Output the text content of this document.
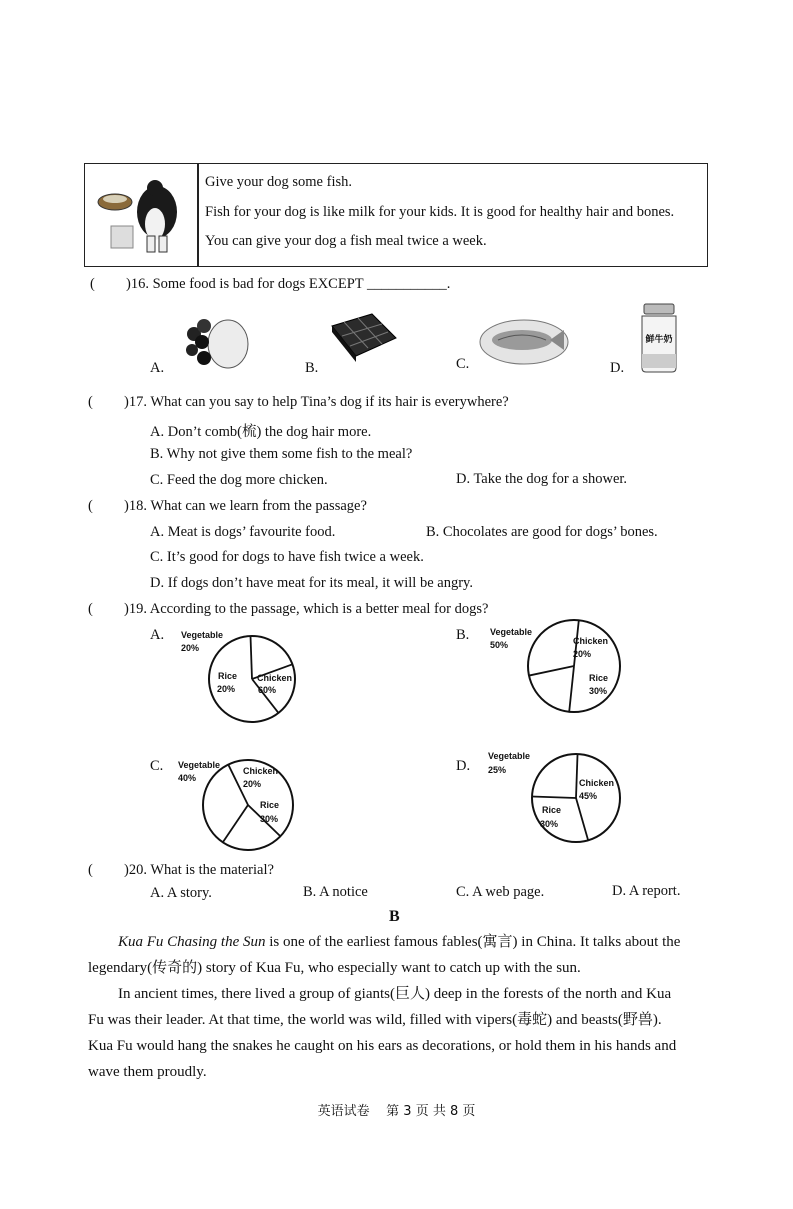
Give your dog some fish.
Fish for your dog is like milk for your kids. It is good for healthy hair and bones.
You can give your dog a fish meal twice a week.
( )16. Some food is bad for dogs EXCEPT ___________.
A.	B.	C.	D.
鲜牛奶
( )17. What can you say to help Tina’s dog if its hair is everywhere?
A. Don’t comb(梳) the dog hair more.
B. Why not give them some fish to the meal?
C. Feed the dog more chicken.	D. Take the dog for a shower.
( )18. What can we learn from the passage?
A. Meat is dogs’ favourite food.	B. Chocolates are good for dogs’ bones.
C. It’s good for dogs to have fish twice a week.
D. If dogs don’t have meat for its meal, it will be angry.
( )19. According to the passage, which is a better meal for dogs?
A.	B.
C.	D.
Vegetable
20%
Rice
20%
Chicken
60%
Vegetable
50%	Chicken
20%
Rice
30%
Vegetable
40%
Chicken
20%
Rice
30%
Vegetable
25%
Chicken
45%
Rice
30%
( )20. What is the material?
A. A story.	B. A notice	C. A web page.	D. A report.
B
Kua Fu Chasing the Sun is one of the earliest famous fables(寓言) in China. It talks about the
legendary(传奇的) story of Kua Fu, who especially want to catch up with the sun.
In ancient times, there lived a group of giants(巨人) deep in the forests of the north and Kua
Fu was their leader. At that time, the world was wild, filled with vipers(毒蛇) and beasts(野兽).
Kua Fu would hang the snakes he caught on his ears as decorations, or hold them in his hands and
wave them proudly.
英语试卷    第 3 页 共 8 页
